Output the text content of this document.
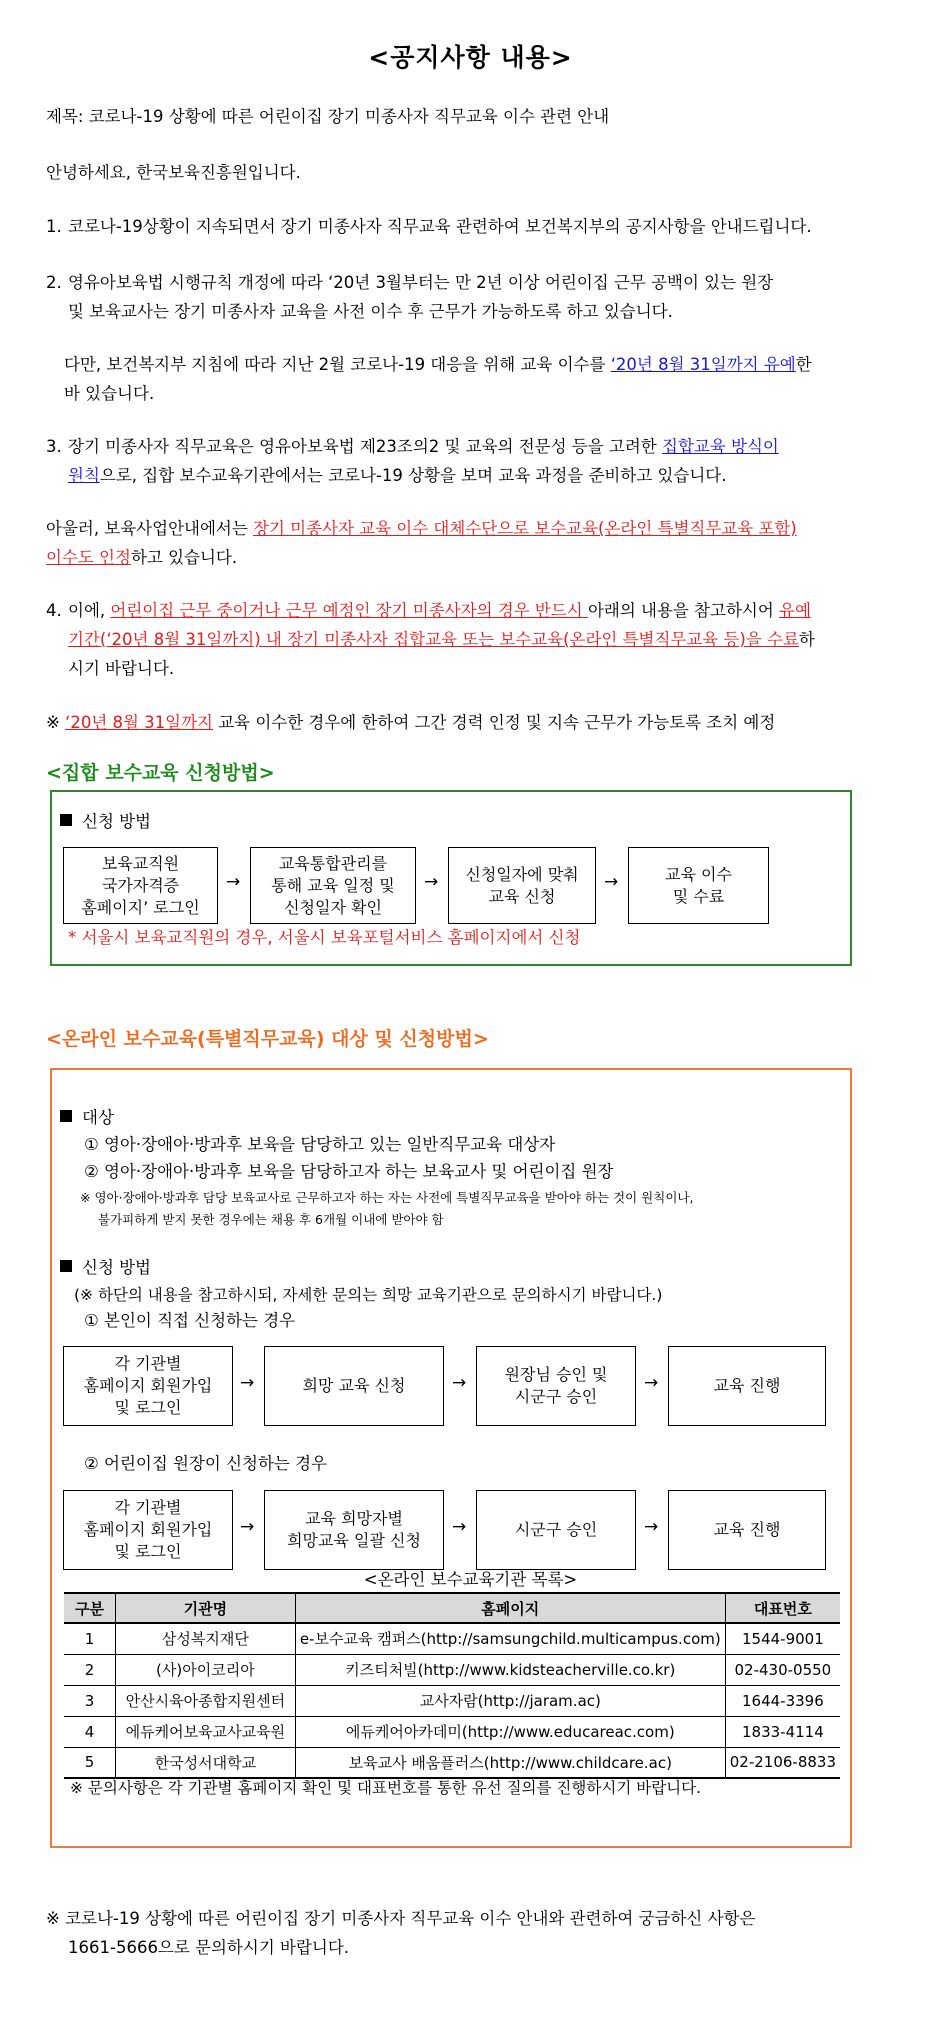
<공지사항 내용>
제목: 코로나-19 상황에 따른 어린이집 장기 미종사자 직무교육 이수 관련 안내
안녕하세요, 한국보육진흥원입니다.
1. 코로나-19상황이 지속되면서 장기 미종사자 직무교육 관련하여 보건복지부의 공지사항을 안내드립니다.
2. 영유아보육법 시행규칙 개정에 따라 ‘20년 3월부터는 만 2년 이상 어린이집 근무 공백이 있는 원장
및 보육교사는 장기 미종사자 교육을 사전 이수 후 근무가 가능하도록 하고 있습니다.
다만, 보건복지부 지침에 따라 지난 2월 코로나-19 대응을 위해 교육 이수를 ‘20년 8월 31일까지 유예한
바 있습니다.
3. 장기 미종사자 직무교육은 영유아보육법 제23조의2 및 교육의 전문성 등을 고려한 집합교육 방식이
원칙으로, 집합 보수교육기관에서는 코로나-19 상황을 보며 교육 과정을 준비하고 있습니다.
아울러, 보육사업안내에서는 장기 미종사자 교육 이수 대체수단으로 보수교육(온라인 특별직무교육 포함)
이수도 인정하고 있습니다.
4. 이에, 어린이집 근무 중이거나 근무 예정인 장기 미종사자의 경우 반드시 아래의 내용을 참고하시어 유예
기간(‘20년 8월 31일까지) 내 장기 미종사자 집합교육 또는 보수교육(온라인 특별직무교육 등)을 수료하
시기 바랍니다.
※ ‘20년 8월 31일까지 교육 이수한 경우에 한하여 그간 경력 인정 및 지속 근무가 가능토록 조치 예정
<집합 보수교육 신청방법>
신청 방법
보육교직원
국가자격증
홈페이지’ 로그인
→
교육통합관리를
통해 교육 일정 및
신청일자 확인
→	신청일자에 맞춰
교육 신청
→	교육 이수
및 수료
* 서울시 보육교직원의 경우, 서울시 보육포털서비스 홈페이지에서 신청
<온라인 보수교육(특별직무교육) 대상 및 신청방법>
대상
① 영아·장애아·방과후 보육을 담당하고 있는 일반직무교육 대상자
② 영아·장애아·방과후 보육을 담당하고자 하는 보육교사 및 어린이집 원장
※ 영아·장애아·방과후 담당 보육교사로 근무하고자 하는 자는 사전에 특별직무교육을 받아야 하는 것이 원칙이나,
불가피하게 받지 못한 경우에는 채용 후 6개월 이내에 받아야 함
신청 방법
(※ 하단의 내용을 참고하시되, 자세한 문의는 희망 교육기관으로 문의하시기 바랍니다.)
① 본인이 직접 신청하는 경우
각 기관별
홈페이지 회원가입
및 로그인
→	희망 교육 신청	→	원장님 승인 및
시군구 승인
→	교육 진행
② 어린이집 원장이 신청하는 경우
각 기관별
홈페이지 회원가입
및 로그인
→	교육 희망자별
희망교육 일괄 신청
→	시군구 승인	→	교육 진행
<온라인 보수교육기관 목록>
구분	기관명	홈페이지	대표번호
1	삼성복지재단	e-보수교육 캠퍼스(http://samsungchild.multicampus.com)	1544-9001
2	(사)아이코리아	키즈티처빌(http://www.kidsteacherville.co.kr)	02-430-0550
3	안산시육아종합지원센터	교사자람(http://jaram.ac)	1644-3396
4	에듀케어보육교사교육원	에듀케어아카데미(http://www.educareac.com)	1833-4114
5	한국성서대학교	보육교사 배움플러스(http://www.childcare.ac)	02-2106-8833
※ 문의사항은 각 기관별 홈페이지 확인 및 대표번호를 통한 유선 질의를 진행하시기 바랍니다.
※ 코로나-19 상황에 따른 어린이집 장기 미종사자 직무교육 이수 안내와 관련하여 궁금하신 사항은
1661-5666으로 문의하시기 바랍니다.
